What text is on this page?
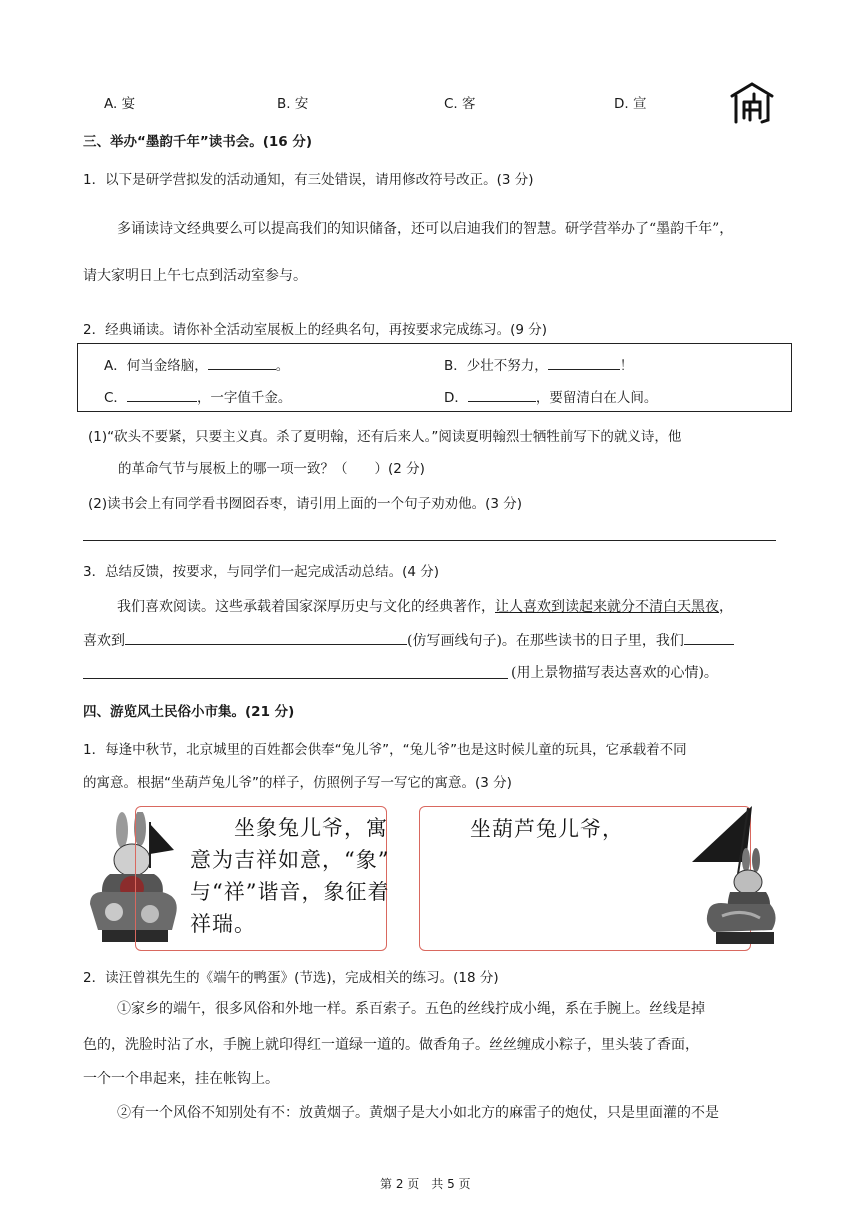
A. 宴	B. 安	C. 客	D. 宣
三、举办“墨韵千年”读书会。(16 分)
1．以下是研学营拟发的活动通知，有三处错误，请用修改符号改正。(3 分)
多诵读诗文经典要么可以提高我们的知识储备，还可以启迪我们的智慧。研学营举办了“墨韵千年”，
请大家明日上午七点到活动室参与。
2．经典诵读。请你补全活动室展板上的经典名句，再按要求完成练习。(9 分)
A．何当金络脑，	。	B．少壮不努力，	！
C．	，一字值千金。	D．	，要留清白在人间。
(1)“砍头不要紧，只要主义真。杀了夏明翰，还有后来人。”阅读夏明翰烈士牺牲前写下的就义诗，他
的革命气节与展板上的哪一项一致？（　　）(2 分)
(2)读书会上有同学看书囫囵吞枣，请引用上面的一个句子劝劝他。(3 分)
3．总结反馈，按要求，与同学们一起完成活动总结。(4 分)
我们喜欢阅读。这些承载着国家深厚历史与文化的经典著作，让人喜欢到读起来就分不清白天黑夜，
喜欢到	(仿写画线句子)。在那些读书的日子里，我们
(用上景物描写表达喜欢的心情)。
四、游览风土民俗小市集。(21 分)
1．每逢中秋节，北京城里的百姓都会供奉“兔儿爷”，“兔儿爷”也是这时候儿童的玩具，它承载着不同
的寓意。根据“坐葫芦兔儿爷”的样子，仿照例子写一写它的寓意。(3 分)
　　坐象兔儿爷，寓
意为吉祥如意，“象”
与“祥”谐音，象征着
祥瑞。
坐葫芦兔儿爷，
2．读汪曾祺先生的《端午的鸭蛋》(节选)，完成相关的练习。(18 分)
①家乡的端午，很多风俗和外地一样。系百索子。五色的丝线拧成小绳，系在手腕上。丝线是掉
色的，洗脸时沾了水，手腕上就印得红一道绿一道的。做香角子。丝丝缠成小粽子，里头装了香面，
一个一个串起来，挂在帐钩上。
②有一个风俗不知别处有不：放黄烟子。黄烟子是大小如北方的麻雷子的炮仗，只是里面灌的不是
第 2 页　共 5 页
